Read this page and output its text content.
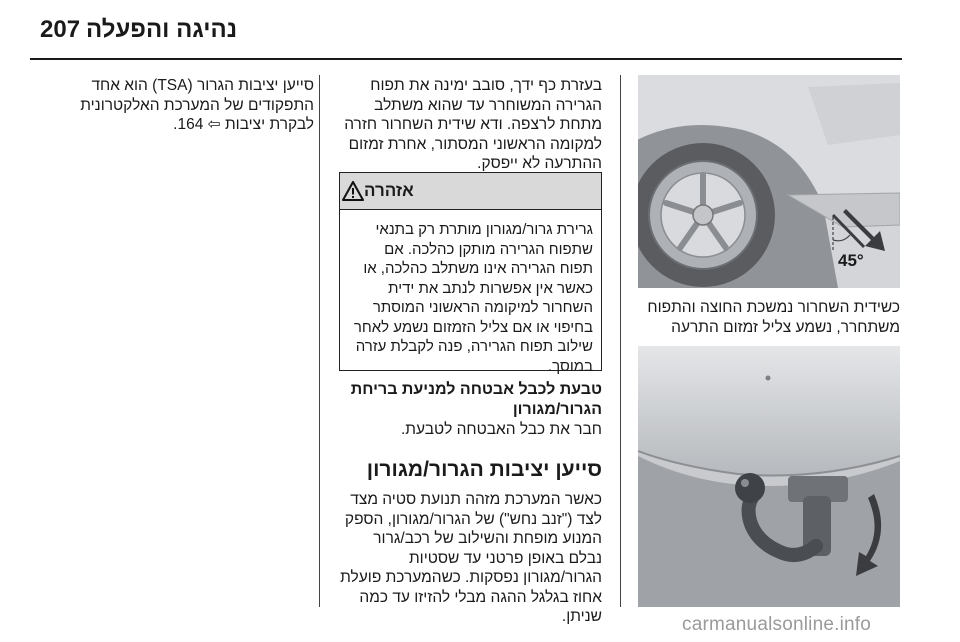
207 נהיגה והפעלה
סייען יציבות הגרור (TSA) הוא אחד התפקודים של המערכת האלקטרונית לבקרת יציבות ⇦ 164.
בעזרת כף ידך, סובב ימינה את תפוח הגרירה המשוחרר עד שהוא משתלב מתחת לרצפה. ודא שידית השחרור חזרה למקומה הראשוני המסתור, אחרת זמזום ההתרעה לא ייפסק.
אזהרה
גרירת גרור/מגורון מותרת רק בתנאי שתפוח הגרירה מותקן כהלכה. אם תפוח הגרירה אינו משתלב כהלכה, או כאשר אין אפשרות לנתב את ידית השחרור למיקומה הראשוני המוסתר בחיפוי או אם צליל הזמזום נשמע לאחר שילוב תפוח הגרירה, פנה לקבלת עזרה במוסך.
טבעת לכבל אבטחה למניעת בריחת הגרור/מגורון
חבר את כבל האבטחה לטבעת.
סייען יציבות הגרור/מגורון
כאשר המערכת מזהה תנועת סטיה מצד לצד ("זנב נחש") של הגרור/מגורון, הספק המנוע מופחת והשילוב של רכב/גרור נבלם באופן פרטני עד שסטיות הגרור/מגורון נפסקות. כשהמערכת פועלת אחוז בגלגל ההגה מבלי להזיזו עד כמה שניתן.
45°
כשידית השחרור נמשכת החוצה והתפוח משתחרר, נשמע צליל זמזום התרעה
carmanualsonline.info
